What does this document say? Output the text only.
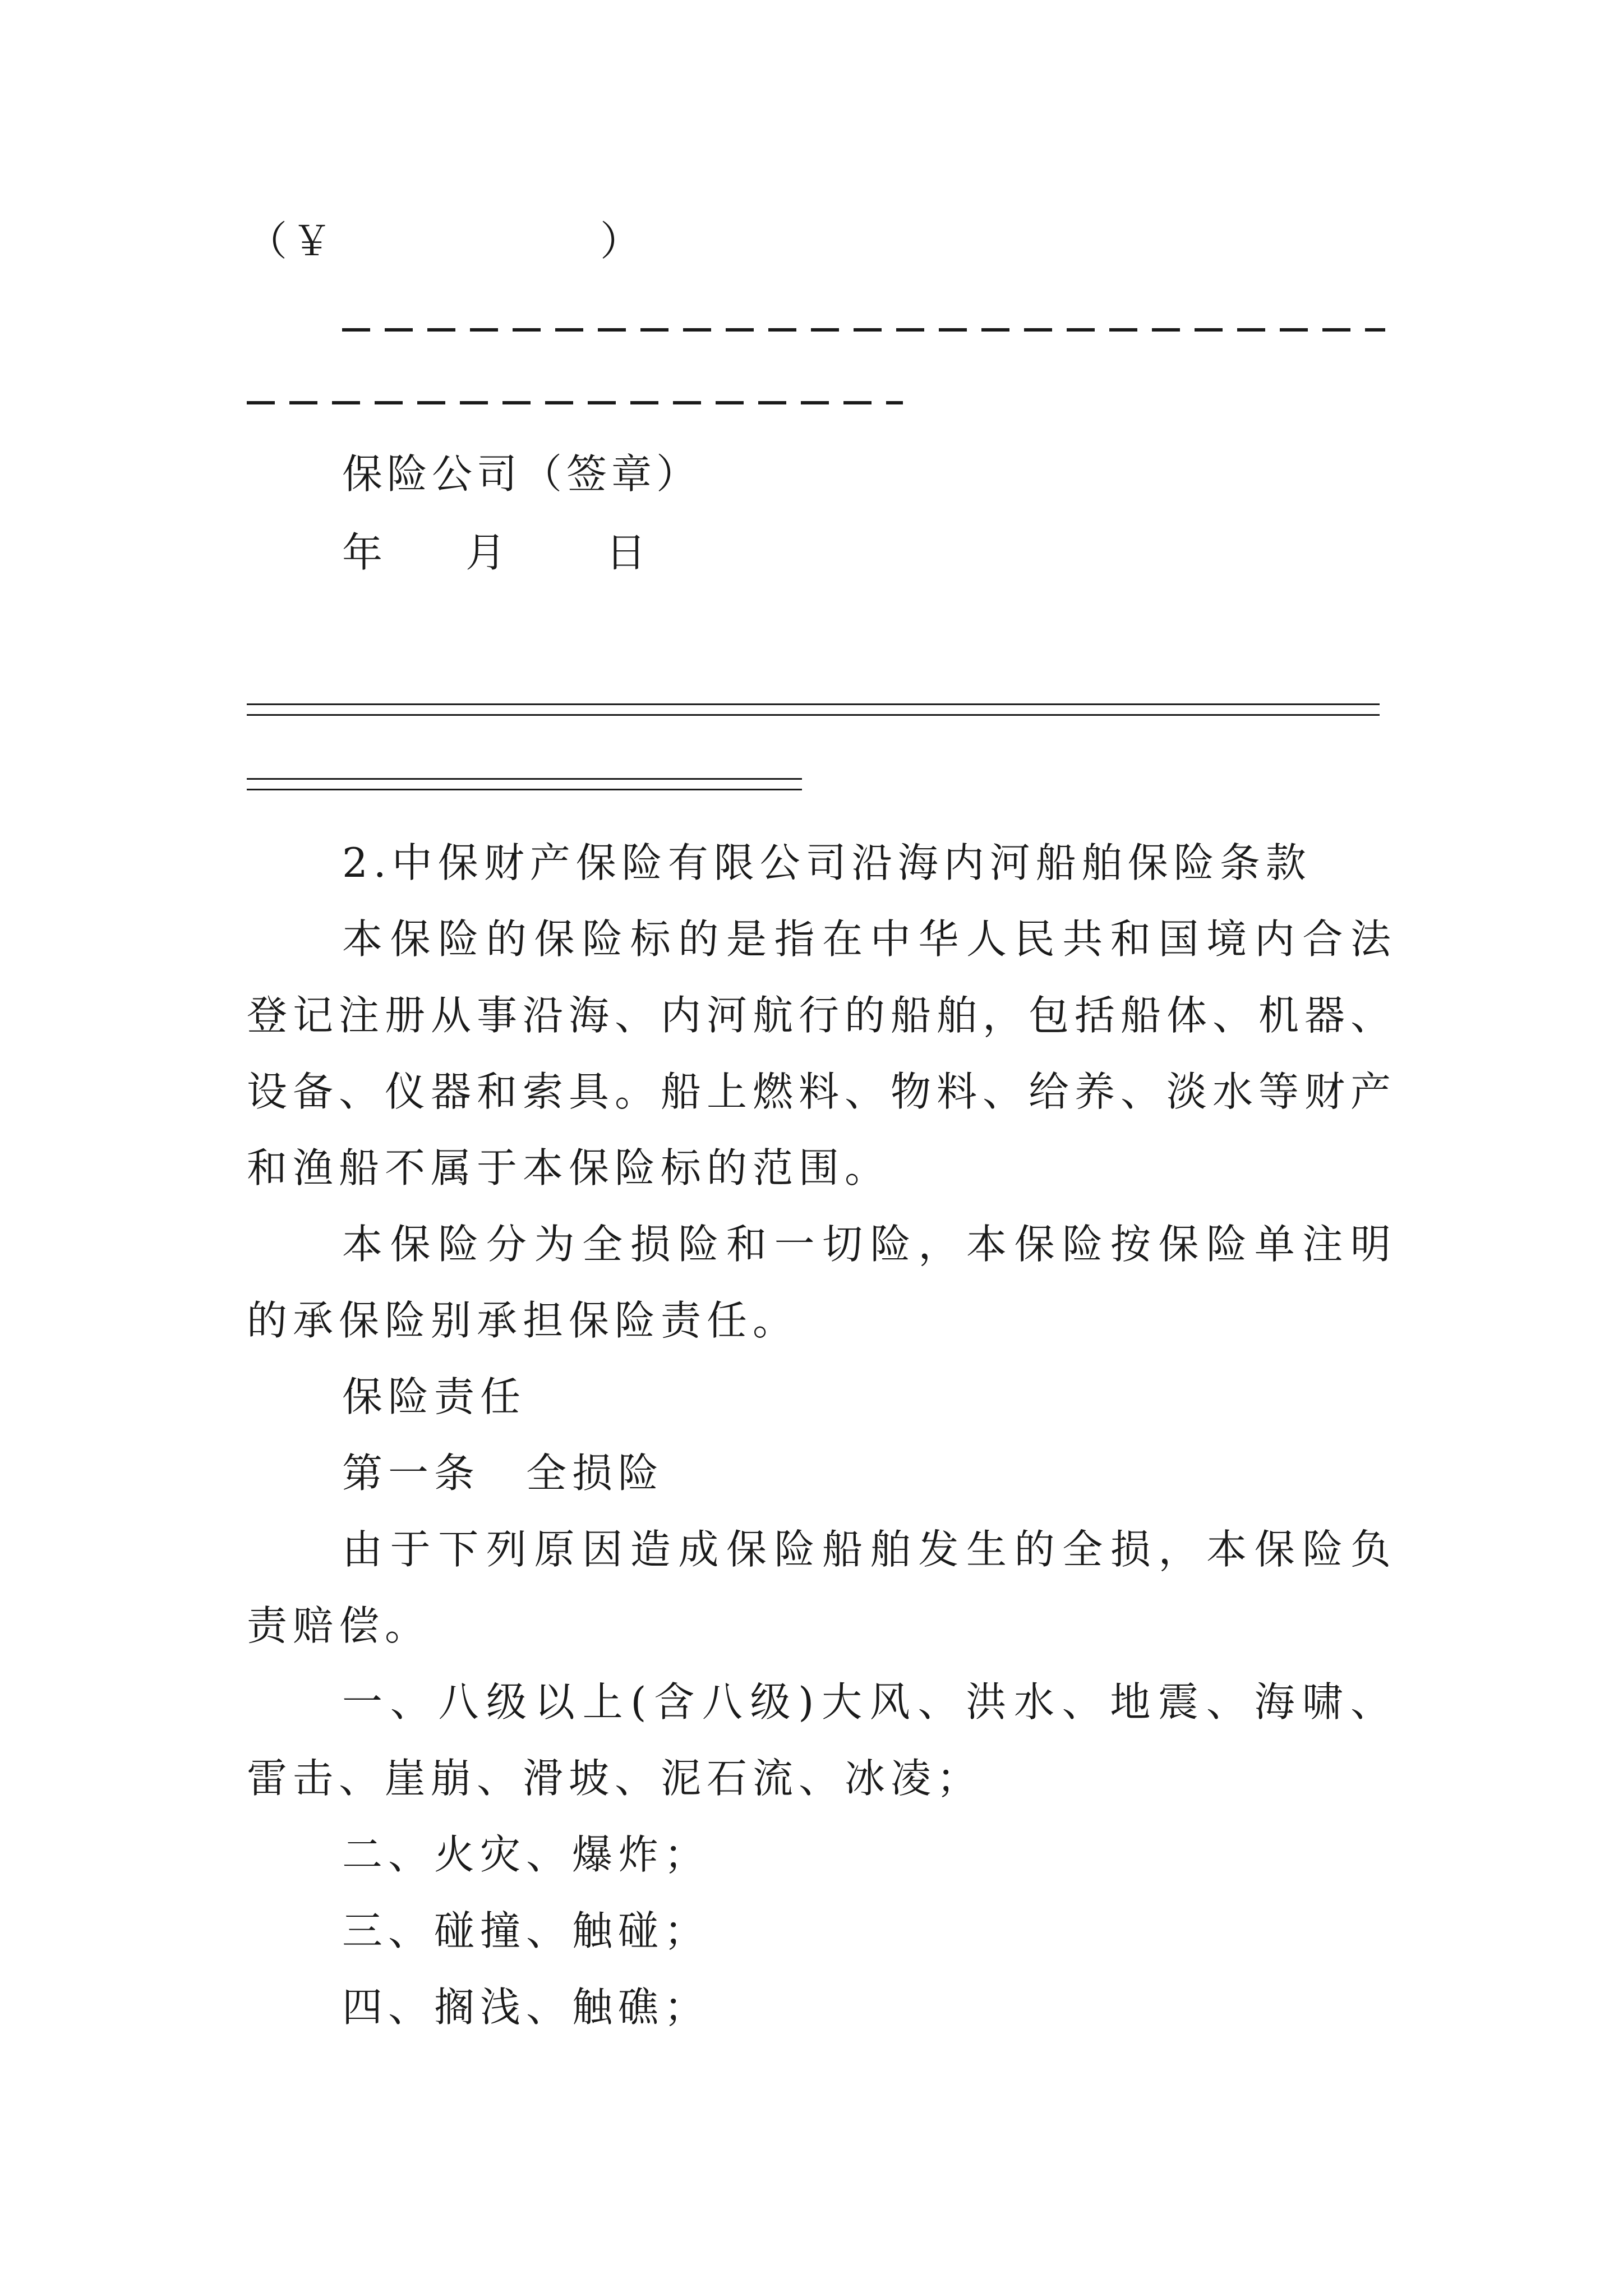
（￥	）
保险公司（签章）
年 月 日

2.中保财产保险有限公司沿海内河船舶保险条款

本保险的保险标的是指在中华人民共和国境内合法登记注册从事沿海、内河航行的船舶，包括船体、机器、设备、仪器和索具。船上燃料、物料、给养、淡水等财产和渔船不属于本保险标的范围。

本保险分为全损险和一切险，本保险按保险单注明的承保险别承担保险责任。

保险责任

第一条　全损险

由于下列原因造成保险船舶发生的全损，本保险负责赔偿。

一、八级以上(含八级)大风、洪水、地震、海啸、雷击、崖崩、滑坡、泥石流、冰凌；

二、火灾、爆炸；

三、碰撞、触碰；

四、搁浅、触礁；
